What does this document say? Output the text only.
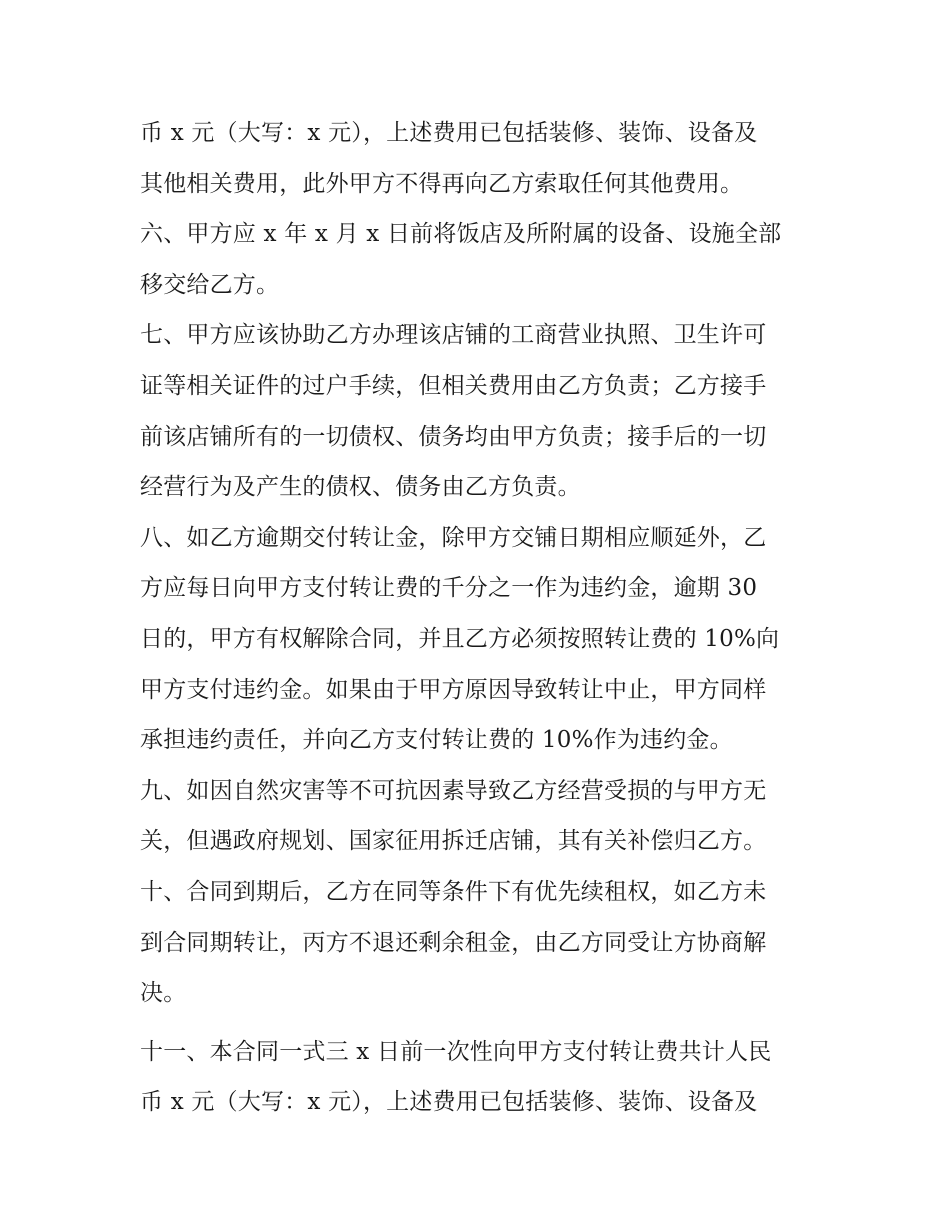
币 x 元（大写：x 元），上述费用已包括装修、装饰、设备及
其他相关费用，此外甲方不得再向乙方索取任何其他费用。
六、甲方应 x 年 x 月 x 日前将饭店及所附属的设备、设施全部
移交给乙方。
七、甲方应该协助乙方办理该店铺的工商营业执照、卫生许可
证等相关证件的过户手续，但相关费用由乙方负责；乙方接手
前该店铺所有的一切债权、债务均由甲方负责；接手后的一切
经营行为及产生的债权、债务由乙方负责。
八、如乙方逾期交付转让金，除甲方交铺日期相应顺延外，乙
方应每日向甲方支付转让费的千分之一作为违约金，逾期 30
日的，甲方有权解除合同，并且乙方必须按照转让费的 10%向
甲方支付违约金。如果由于甲方原因导致转让中止，甲方同样
承担违约责任，并向乙方支付转让费的 10%作为违约金。
九、如因自然灾害等不可抗因素导致乙方经营受损的与甲方无
关，但遇政府规划、国家征用拆迁店铺，其有关补偿归乙方。
十、合同到期后，乙方在同等条件下有优先续租权，如乙方未
到合同期转让，丙方不退还剩余租金，由乙方同受让方协商解
决。
十一、本合同一式三 x 日前一次性向甲方支付转让费共计人民
币 x 元（大写：x 元），上述费用已包括装修、装饰、设备及
